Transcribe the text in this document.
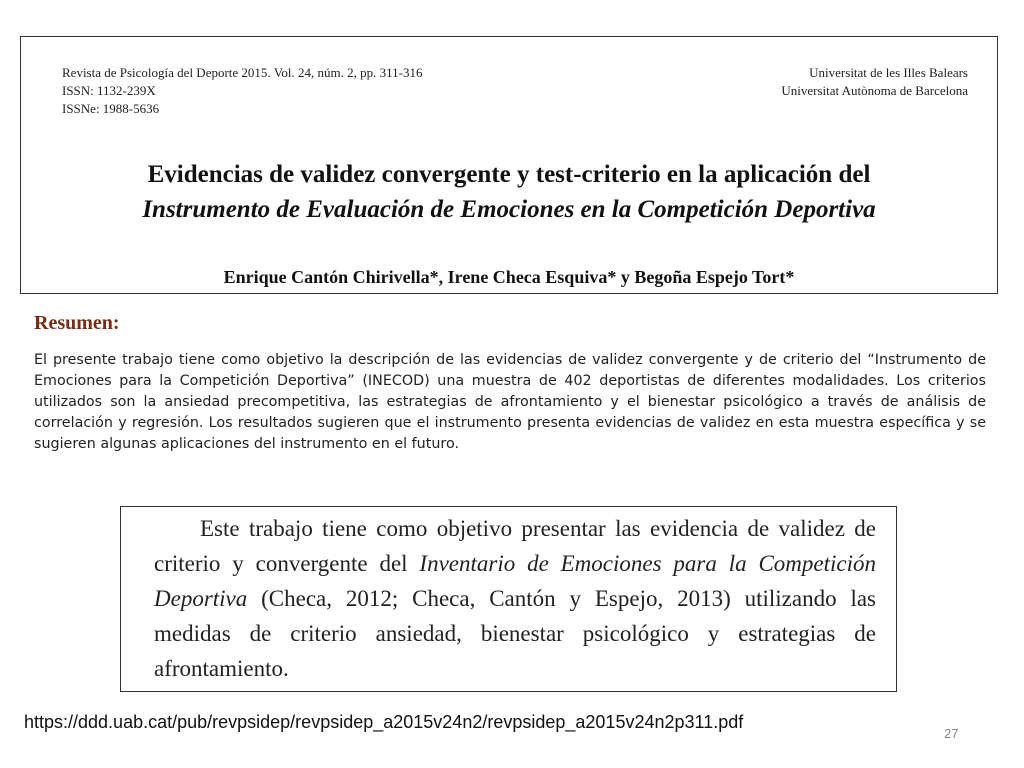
Revista de Psicología del Deporte 2015. Vol. 24, núm. 2, pp. 311-316
ISSN: 1132-239X
ISSNe: 1988-5636
Universitat de les Illes Balears
Universitat Autònoma de Barcelona
Evidencias de validez convergente y test-criterio en la aplicación del
Instrumento de Evaluación de Emociones en la Competición Deportiva
Enrique Cantón Chirivella*, Irene Checa Esquiva* y Begoña Espejo Tort*
Resumen:
El presente trabajo tiene como objetivo la descripción de las evidencias de validez convergente y de criterio del “Instrumento de Emociones para la Competición Deportiva” (INECOD) una muestra de 402 deportistas de diferentes modalidades. Los criterios utilizados son la ansiedad precompetitiva, las estrategias de afrontamiento y el bienestar psicológico a través de análisis de correlación y regresión. Los resultados sugieren que el instrumento presenta evidencias de validez en esta muestra específica y se sugieren algunas aplicaciones del instrumento en el futuro.
Este trabajo tiene como objetivo presentar las evidencia de validez de criterio y convergente del Inventario de Emociones para la Competición Deportiva (Checa, 2012; Checa, Cantón y Espejo, 2013) utilizando las medidas de criterio ansiedad, bienestar psicológico y estrategias de afrontamiento.
https://ddd.uab.cat/pub/revpsidep/revpsidep_a2015v24n2/revpsidep_a2015v24n2p311.pdf
27
